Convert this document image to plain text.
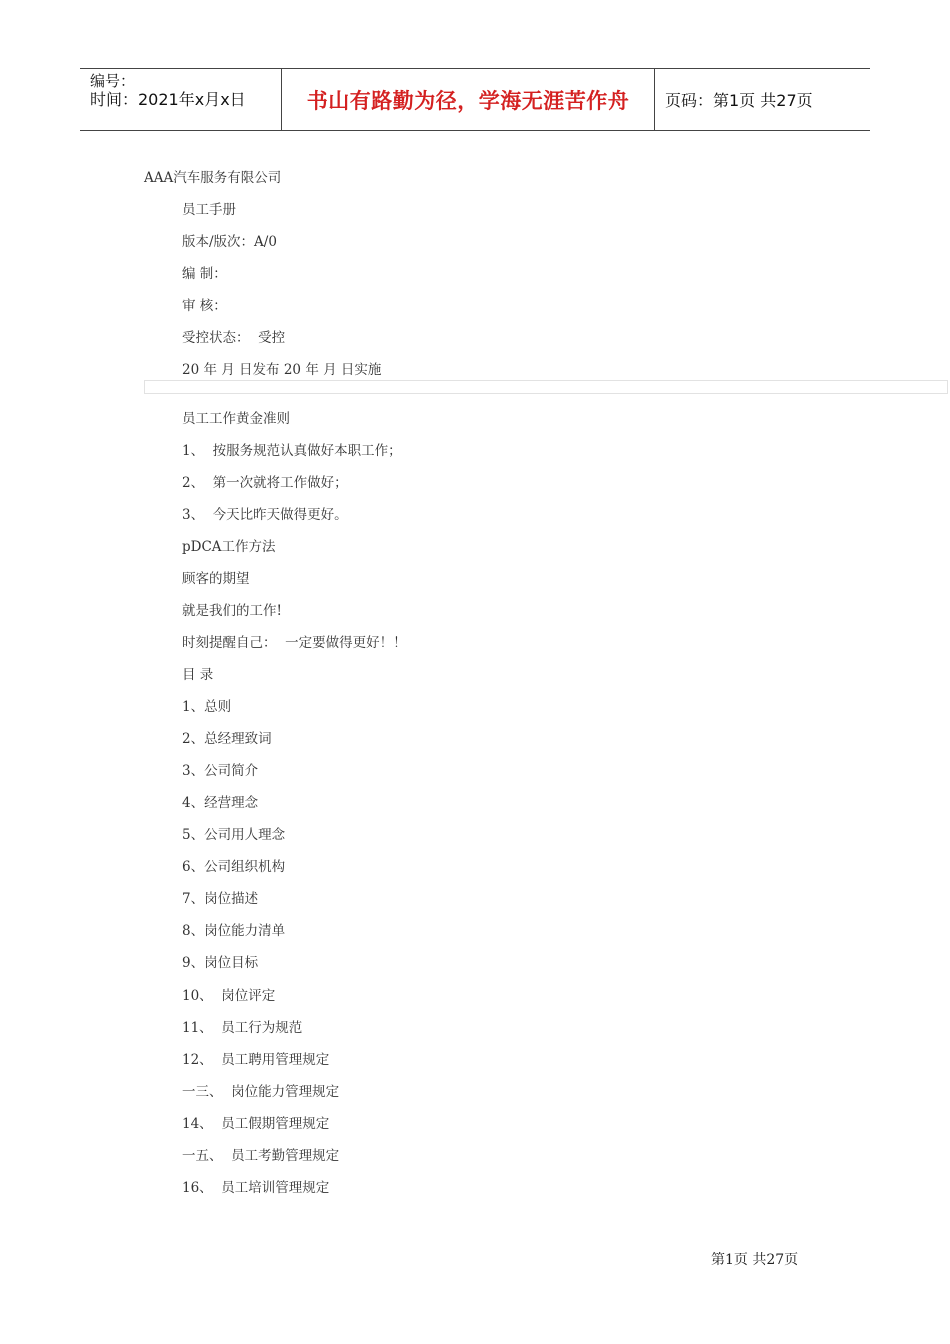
编号：
时间：2021年x月x日	书山有路勤为径，学海无涯苦作舟 页码：第1页 共27页
AAA汽车服务有限公司
员工手册
版本/版次：A/0
编 制：
审 核：
受控状态：  受控
20 年 月 日发布 20 年 月 日实施
员工工作黄金准则
1、  按服务规范认真做好本职工作；
2、  第一次就将工作做好；
3、  今天比昨天做得更好。
pDCA工作方法
顾客的期望
就是我们的工作!
时刻提醒自己：  一定要做得更好！！
目 录
1、总则
2、总经理致词
3、公司简介
4、经营理念
5、公司用人理念
6、公司组织机构
7、岗位描述
8、岗位能力清单
9、岗位目标
10、  岗位评定
11、  员工行为规范
12、  员工聘用管理规定
一三、  岗位能力管理规定
14、  员工假期管理规定
一五、  员工考勤管理规定
16、  员工培训管理规定
第1页 共27页
